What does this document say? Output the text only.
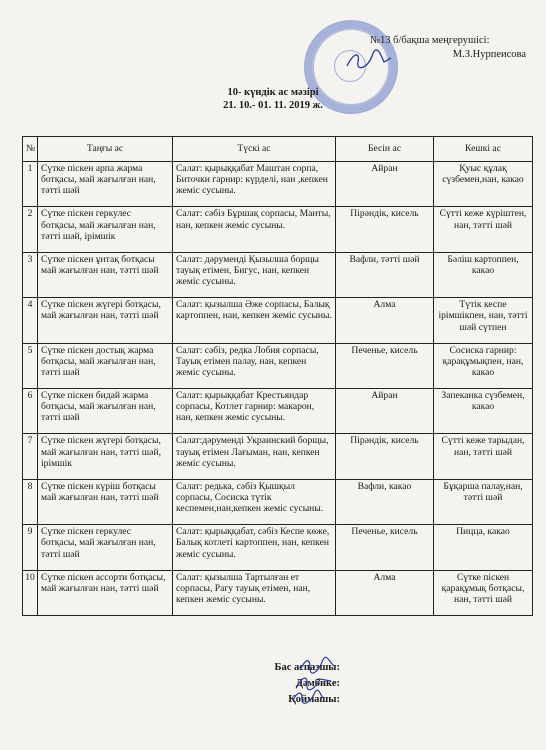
№13 б/бақша меңгерушісі:
М.З.Нурпеисова
10- күндік ас мәзірі
21. 10.- 01. 11. 2019 ж.
№	Таңғы ас	Түскі ас	Бесін ас	Кешкі ас
1	Сүтке піскен арпа жарма ботқасы, май жағылған нан, тәтті шәй	Салат: қырыққабат Маштан сорпа, Биточки гарнир: күрделі, нан ,кепкен жеміс сусыны.	Айран	Қуыс құлақ сүзбемен,нан, какао
2	Сүтке піскен геркулес ботқасы, май жағылған нан, тәтті шәй, ірімшік	Салат: сәбіз Бұршақ сорпасы, Манты, нан, кепкен жеміс сусыны.	Пірәндік, кисель	Сүтті кеже күріштен, нан, тәтті шәй
3	Сүтке піскен ұнтақ ботқасы май жағылған нан, тәтті шәй	Салат: дәруменді Қызылша борщы тауық етімен, Бигус, нан, кепкен жеміс сусыны.	Вафли, тәтті шәй	Бәліш картоппен, какао
4	Сүтке піскен жүгері ботқасы, май жағылған нан, тәтті шәй	Салат: қызылша Әже сорпасы, Балық картоппен, нан, кепкен жеміс сусыны.	Алма	Түтік кеспе ірімшікпен, нан, тәтті шәй сүтпен
5	Сүтке піскен достық жарма ботқасы, май жағылған нан, тәтті шәй	Салат: сәбіз, редка Лобия сорпасы, Тауық етімен палау, нан, кепкен жеміс сусыны.	Печенье, кисель	Сосиска гарнир: қарақұмықпен, нан, какао
6	Сүтке піскен бидай жарма ботқасы, май жағылған нан, тәтті шәй	Салат: қырыққабат Крестьяндар сорпасы, Котлет гарнир: макарон, нан, кепкен жеміс сусыны.	Айран	Запеканка сүзбемен, какао
7	Сүтке піскен жүгері ботқасы, май жағылған нан, тәтті шәй, ірімшік	Салат:дәрумендi Украинский борщы, тауық етімен Лағыман, нан, кепкен жеміс сусыны.	Пірәндік, кисель	Сүтті кеже тарыдан, нан, тәтті шәй
8	Сүтке піскен күріш ботқасы май жағылған нан, тәтті шәй	Салат: редька, сәбіз Қышқыл сорпасы, Сосиска түтік кеспемен,нан,кепкен жеміс сусыны.	Вафли, какао	Бұқарша палау,нан, тәтті шәй
9	Сүтке піскен геркулес ботқасы, май жағылған нан, тәтті шәй	Салат: қырыққабат, сәбіз Кеспе көже, Балық котлеті картоппен, нан, кепкен жеміс сусыны.	Печенье, кисель	Пицца, какао
10	Сүтке піскен ассорти ботқасы, май жағылған нан, тәтті шәй	Салат: қызылша Тартылған ет сорпасы, Рагу тауық етімен, нан, кепкен жеміс сусыны.	Алма	Сүтке піскен қарақұмық ботқасы, нан, тәтті шәй
Бас аспазшы:
Дәмбике:
Қоймашы:
